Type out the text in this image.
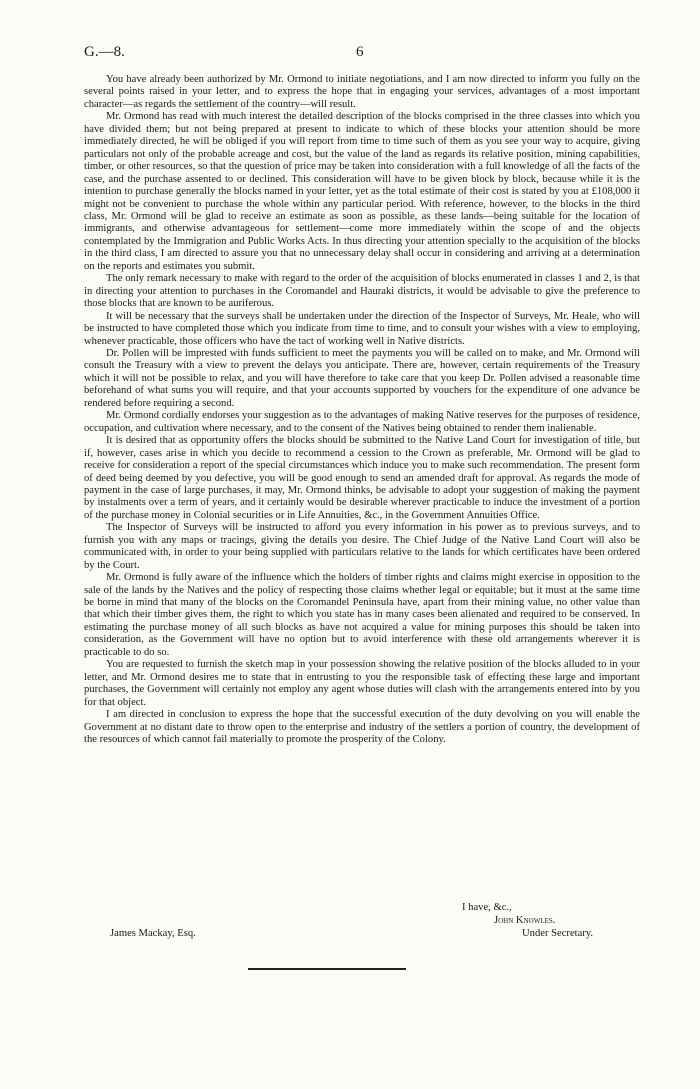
G.—8.	6

You have already been authorized by Mr. Ormond to initiate negotiations, and I am now directed to inform you fully on the several points raised in your letter, and to express the hope that in engaging your services, advantages of a most important character—as regards the settlement of the country—will result.

Mr. Ormond has read with much interest the detailed description of the blocks comprised in the three classes into which you have divided them; but not being prepared at present to indicate to which of these blocks your attention should be more immediately directed, he will be obliged if you will report from time to time such of them as you see your way to acquire, giving particulars not only of the probable acreage and cost, but the value of the land as regards its relative position, mining capabilities, timber, or other resources, so that the question of price may be taken into consideration with a full knowledge of all the facts of the case, and the purchase assented to or declined. This consideration will have to be given block by block, because while it is the intention to purchase generally the blocks named in your letter, yet as the total estimate of their cost is stated by you at £108,000 it might not be convenient to purchase the whole within any particular period. With reference, however, to the blocks in the third class, Mr. Ormond will be glad to receive an estimate as soon as possible, as these lands—being suitable for the location of immigrants, and otherwise advantageous for settlement—come more immediately within the scope of and the objects contemplated by the Immigration and Public Works Acts. In thus directing your attention specially to the acquisition of the blocks in the third class, I am directed to assure you that no unnecessary delay shall occur in considering and arriving at a determination on the reports and estimates you submit.

The only remark necessary to make with regard to the order of the acquisition of blocks enumerated in classes 1 and 2, is that in directing your attention to purchases in the Coromandel and Hauraki districts, it would be advisable to give the preference to those blocks that are known to be auriferous.

It will be necessary that the surveys shall be undertaken under the direction of the Inspector of Surveys, Mr. Heale, who will be instructed to have completed those which you indicate from time to time, and to consult your wishes with a view to employing, whenever practicable, those officers who have the tact of working well in Native districts.

Dr. Pollen will be imprested with funds sufficient to meet the payments you will be called on to make, and Mr. Ormond will consult the Treasury with a view to prevent the delays you anticipate. There are, however, certain requirements of the Treasury which it will not be possible to relax, and you will have therefore to take care that you keep Dr. Pollen advised a reasonable time beforehand of what sums you will require, and that your accounts supported by vouchers for the expenditure of one advance be rendered before requiring a second.

Mr. Ormond cordially endorses your suggestion as to the advantages of making Native reserves for the purposes of residence, occupation, and cultivation where necessary, and to the consent of the Natives being obtained to render them inalienable.

It is desired that as opportunity offers the blocks should be submitted to the Native Land Court for investigation of title, but if, however, cases arise in which you decide to recommend a cession to the Crown as preferable, Mr. Ormond will be glad to receive for consideration a report of the special circumstances which induce you to make such recommendation. The present form of deed being deemed by you defective, you will be good enough to send an amended draft for approval. As regards the mode of payment in the case of large purchases, it may, Mr. Ormond thinks, be advisable to adopt your suggestion of making the payment by instalments over a term of years, and it certainly would be desirable wherever practicable to induce the investment of a portion of the purchase money in Colonial securities or in Life Annuities, &c., in the Government Annuities Office.

The Inspector of Surveys will be instructed to afford you every information in his power as to previous surveys, and to furnish you with any maps or tracings, giving the details you desire. The Chief Judge of the Native Land Court will also be communicated with, in order to your being supplied with particulars relative to the lands for which certificates have been ordered by the Court.

Mr. Ormond is fully aware of the influence which the holders of timber rights and claims might exercise in opposition to the sale of the lands by the Natives and the policy of respecting those claims whether legal or equitable; but it must at the same time be borne in mind that many of the blocks on the Coromandel Peninsula have, apart from their mining value, no other value than that which their timber gives them, the right to which you state has in many cases been alienated and required to be conserved. In estimating the purchase money of all such blocks as have not acquired a value for mining purposes this should be taken into consideration, as the Government will have no option but to avoid interference with these old arrangements wherever it is practicable to do so.

You are requested to furnish the sketch map in your possession showing the relative position of the blocks alluded to in your letter, and Mr. Ormond desires me to state that in entrusting to you the responsible task of effecting these large and important purchases, the Government will certainly not employ any agent whose duties will clash with the arrangements entered into by you for that object.

I am directed in conclusion to express the hope that the successful execution of the duty devolving on you will enable the Government at no distant date to throw open to the enterprise and industry of the settlers a portion of country, the development of the resources of which cannot fail materially to promote the prosperity of the Colony.

I have, &c.,
John Knowles.
Under Secretary.
James Mackay, Esq.
